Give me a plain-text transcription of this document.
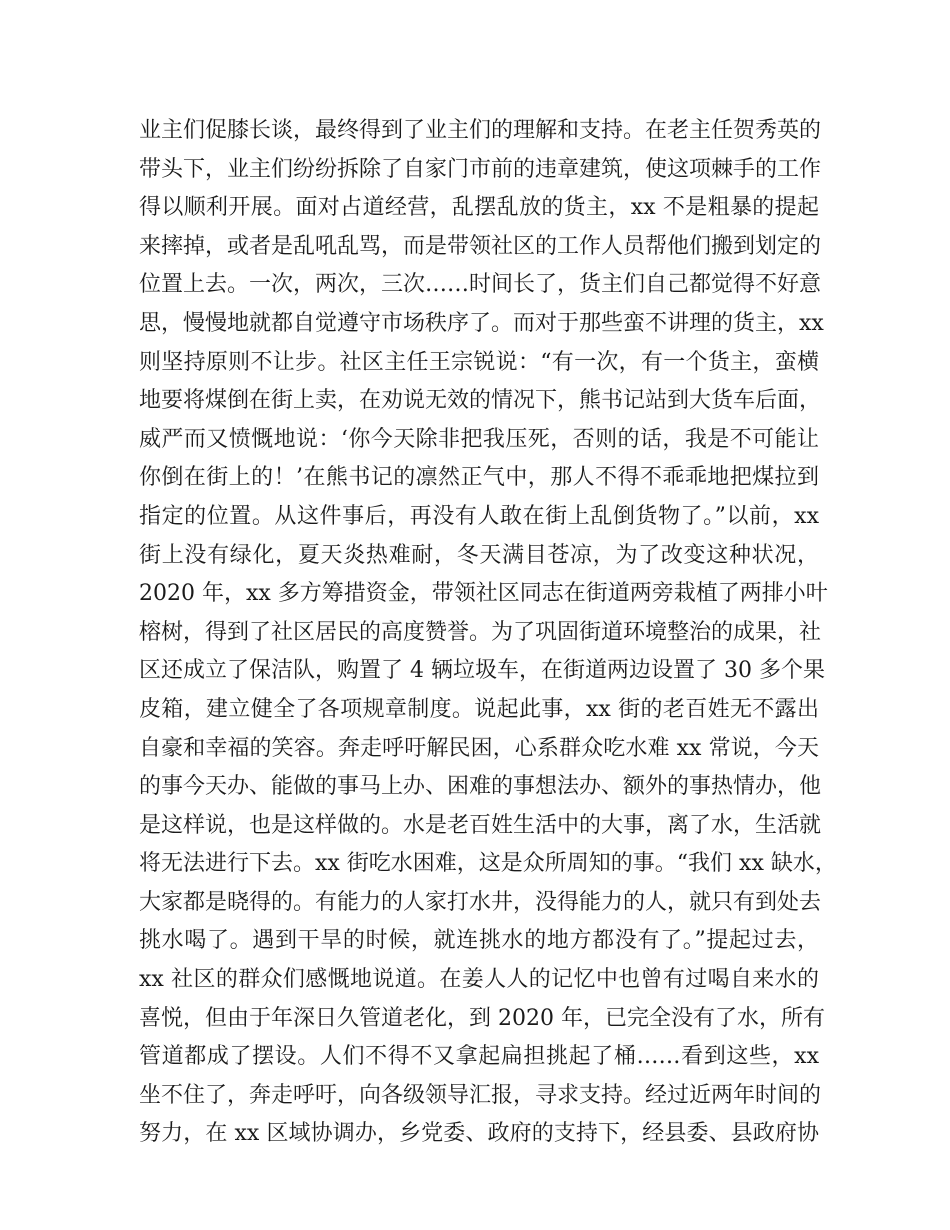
业主们促膝长谈，最终得到了业主们的理解和支持。在老主任贺秀英的
带头下，业主们纷纷拆除了自家门市前的违章建筑，使这项棘手的工作
得以顺利开展。面对占道经营，乱摆乱放的货主，xx 不是粗暴的提起
来摔掉，或者是乱吼乱骂，而是带领社区的工作人员帮他们搬到划定的
位置上去。一次，两次，三次……时间长了，货主们自己都觉得不好意
思，慢慢地就都自觉遵守市场秩序了。而对于那些蛮不讲理的货主，xx
则坚持原则不让步。社区主任王宗锐说：“有一次，有一个货主，蛮横
地要将煤倒在街上卖，在劝说无效的情况下，熊书记站到大货车后面，
威严而又愤慨地说：‘你今天除非把我压死，否则的话，我是不可能让
你倒在街上的！’在熊书记的凛然正气中，那人不得不乖乖地把煤拉到
指定的位置。从这件事后，再没有人敢在街上乱倒货物了。”以前，xx
街上没有绿化，夏天炎热难耐，冬天满目苍凉，为了改变这种状况，
2020 年，xx 多方筹措资金，带领社区同志在街道两旁栽植了两排小叶
榕树，得到了社区居民的高度赞誉。为了巩固街道环境整治的成果，社
区还成立了保洁队，购置了 4 辆垃圾车，在街道两边设置了 30 多个果
皮箱，建立健全了各项规章制度。说起此事，xx 街的老百姓无不露出
自豪和幸福的笑容。奔走呼吁解民困，心系群众吃水难 xx 常说，今天
的事今天办、能做的事马上办、困难的事想法办、额外的事热情办，他
是这样说，也是这样做的。水是老百姓生活中的大事，离了水，生活就
将无法进行下去。xx 街吃水困难，这是众所周知的事。“我们 xx 缺水，
大家都是晓得的。有能力的人家打水井，没得能力的人，就只有到处去
挑水喝了。遇到干旱的时候，就连挑水的地方都没有了。”提起过去，
xx 社区的群众们感慨地说道。在姜人人的记忆中也曾有过喝自来水的
喜悦，但由于年深日久管道老化，到 2020 年，已完全没有了水，所有
管道都成了摆设。人们不得不又拿起扁担挑起了桶……看到这些，xx
坐不住了，奔走呼吁，向各级领导汇报，寻求支持。经过近两年时间的
努力，在 xx 区域协调办，乡党委、政府的支持下，经县委、县政府协
